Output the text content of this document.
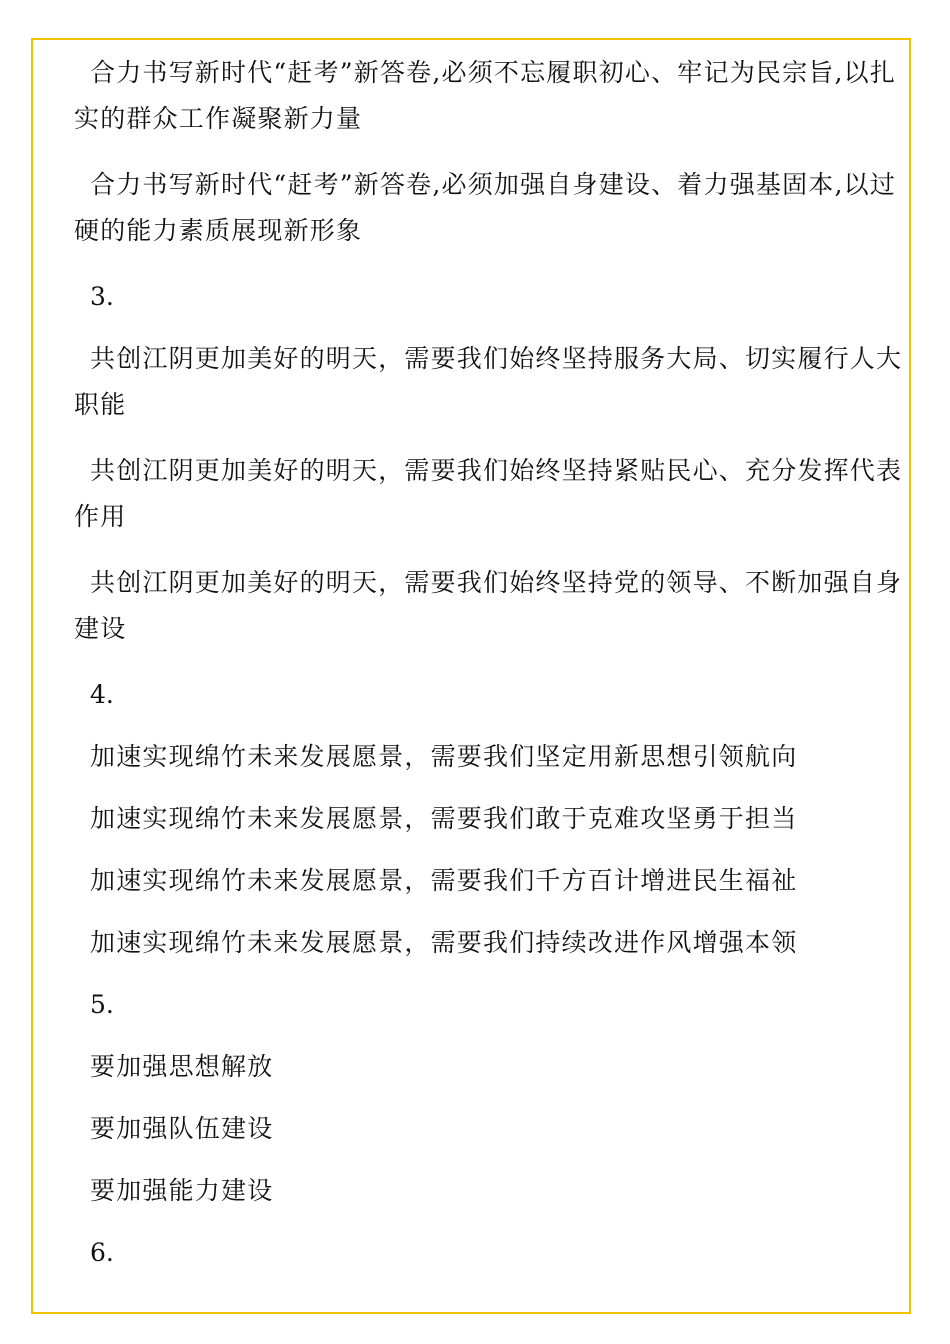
合力书写新时代“赶考”新答卷,必须不忘履职初心、牢记为民宗旨,以扎实的群众工作凝聚新力量

合力书写新时代“赶考”新答卷,必须加强自身建设、着力强基固本,以过硬的能力素质展现新形象

3.

共创江阴更加美好的明天，需要我们始终坚持服务大局、切实履行人大职能

共创江阴更加美好的明天，需要我们始终坚持紧贴民心、充分发挥代表作用

共创江阴更加美好的明天，需要我们始终坚持党的领导、不断加强自身建设

4.

加速实现绵竹未来发展愿景，需要我们坚定用新思想引领航向

加速实现绵竹未来发展愿景，需要我们敢于克难攻坚勇于担当

加速实现绵竹未来发展愿景，需要我们千方百计增进民生福祉

加速实现绵竹未来发展愿景，需要我们持续改进作风增强本领

5.

要加强思想解放

要加强队伍建设

要加强能力建设

6.
